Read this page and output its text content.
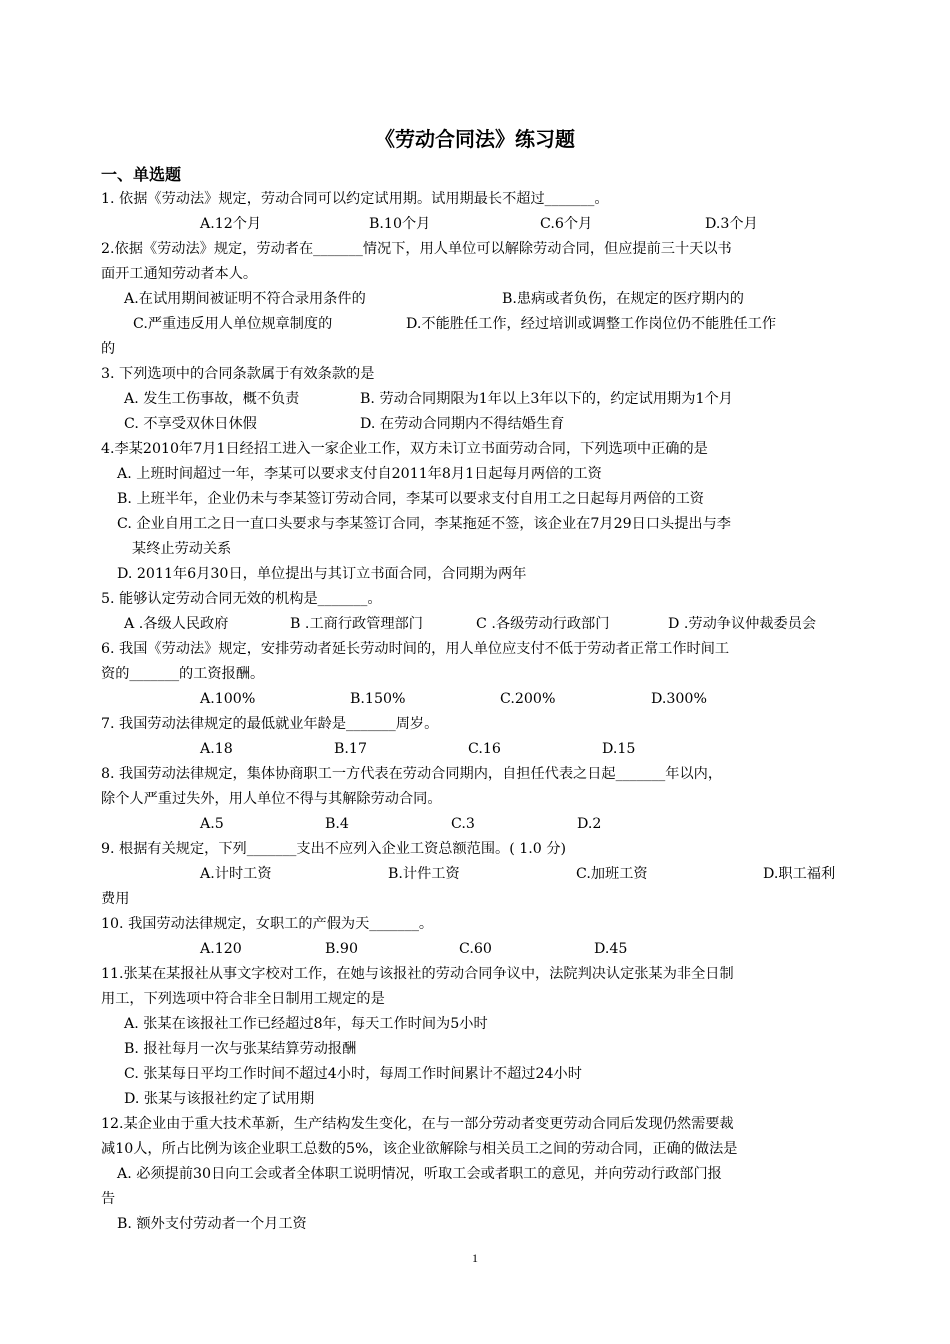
《劳动合同法》练习题
一、单选题
1. 依据《劳动法》规定，劳动合同可以约定试用期。试用期最长不超过_______。
A.12个月	B.10个月	C.6个月	D.3个月
2.依据《劳动法》规定，劳动者在_______情况下，用人单位可以解除劳动合同，但应提前三十天以书
面开工通知劳动者本人。
A.在试用期间被证明不符合录用条件的	B.患病或者负伤，在规定的医疗期内的
C.严重违反用人单位规章制度的	D.不能胜任工作，经过培训或调整工作岗位仍不能胜任工作
的
3. 下列选项中的合同条款属于有效条款的是
A. 发生工伤事故，概不负责	B. 劳动合同期限为1年以上3年以下的，约定试用期为1个月
C. 不享受双休日休假	D. 在劳动合同期内不得结婚生育
4.李某2010年7月1日经招工进入一家企业工作，双方未订立书面劳动合同，下列选项中正确的是
A. 上班时间超过一年，李某可以要求支付自2011年8月1日起每月两倍的工资
B. 上班半年，企业仍未与李某签订劳动合同，李某可以要求支付自用工之日起每月两倍的工资
C. 企业自用工之日一直口头要求与李某签订合同，李某拖延不签，该企业在7月29日口头提出与李
某终止劳动关系
D. 2011年6月30日，单位提出与其订立书面合同，合同期为两年
5. 能够认定劳动合同无效的机构是_______。
A .各级人民政府	B .工商行政管理部门	C .各级劳动行政部门	D .劳动争议仲裁委员会
6. 我国《劳动法》规定，安排劳动者延长劳动时间的，用人单位应支付不低于劳动者正常工作时间工
资的_______的工资报酬。
A.100%	B.150%	C.200%	D.300%
7. 我国劳动法律规定的最低就业年龄是_______周岁。
A.18	B.17	C.16	D.15
8. 我国劳动法律规定，集体协商职工一方代表在劳动合同期内，自担任代表之日起_______年以内，
除个人严重过失外，用人单位不得与其解除劳动合同。
A.5	B.4	C.3	D.2
9. 根据有关规定，下列_______支出不应列入企业工资总额范围。( 1.0 分)
A.计时工资	B.计件工资	C.加班工资	D.职工福利
费用
10. 我国劳动法律规定，女职工的产假为天_______。
A.120	B.90	C.60	D.45
11.张某在某报社从事文字校对工作，在她与该报社的劳动合同争议中，法院判决认定张某为非全日制
用工，下列选项中符合非全日制用工规定的是
A. 张某在该报社工作已经超过8年，每天工作时间为5小时
B. 报社每月一次与张某结算劳动报酬
C. 张某每日平均工作时间不超过4小时，每周工作时间累计不超过24小时
D. 张某与该报社约定了试用期
12.某企业由于重大技术革新，生产结构发生变化，在与一部分劳动者变更劳动合同后发现仍然需要裁
减10人，所占比例为该企业职工总数的5%，该企业欲解除与相关员工之间的劳动合同，正确的做法是
A. 必须提前30日向工会或者全体职工说明情况，听取工会或者职工的意见，并向劳动行政部门报
告
B. 额外支付劳动者一个月工资
1
